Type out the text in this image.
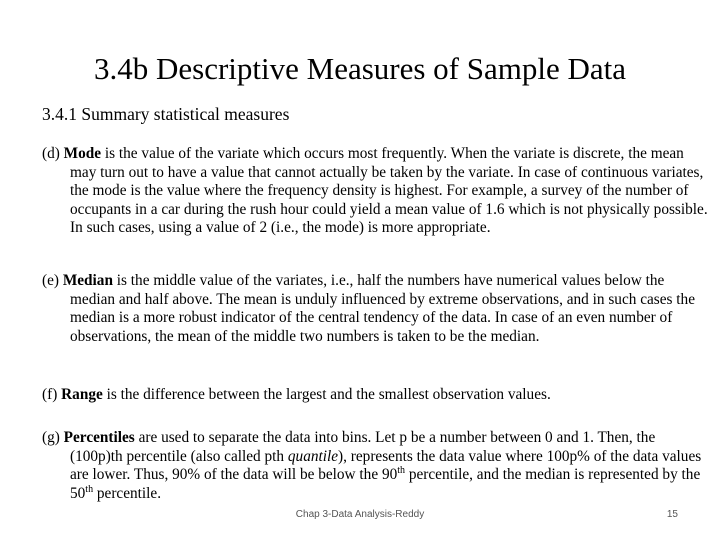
3.4b Descriptive Measures of Sample Data
3.4.1 Summary statistical measures
(d) Mode is the value of the variate which occurs most frequently. When the variate is discrete, the mean may turn out to have a value that cannot actually be taken by the variate. In case of continuous variates, the mode is the value where the frequency density is highest. For example, a survey of the number of occupants in a car during the rush hour could yield a mean value of 1.6 which is not physically possible. In such cases, using a value of 2 (i.e., the mode) is more appropriate.
(e) Median is the middle value of the variates, i.e., half the numbers have numerical values below the median and half above. The mean is unduly influenced by extreme observations, and in such cases the median is a more robust indicator of the central tendency of the data. In case of an even number of observations, the mean of the middle two numbers is taken to be the median.
(f) Range is the difference between the largest and the smallest observation values.
(g) Percentiles are used to separate the data into bins. Let p be a number between 0 and 1. Then, the (100p)th percentile (also called pth quantile), represents the data value where 100p% of the data values are lower. Thus, 90% of the data will be below the 90th percentile, and the median is represented by the 50th percentile.
Chap 3-Data Analysis-Reddy	15
